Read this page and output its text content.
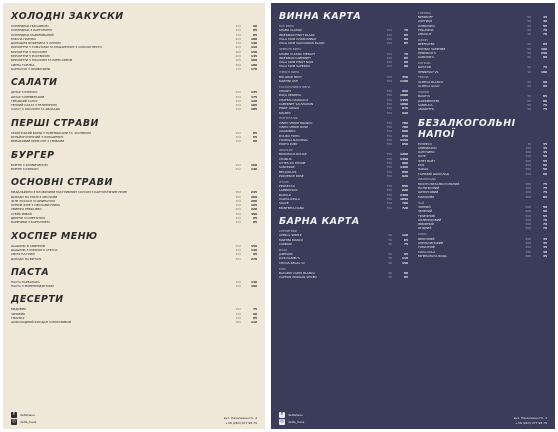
ХОЛОДНІ ЗАКУСКИ
ОСЕЛЕДЕЦЬ ПІД ШУБОЮ	200	90
ОСЕЛЕДЕЦЬ З КАРТОПЛЕЮ	250	95
ОСЕЛЕДЕЦЬ МАРИНОВАНИЙ	150	85
М'ЯСНА НАРІЗКА	200	180
ДОМАШНЯ БУЖЕНИНА З ХРІНОМ	150	140
БРУСКЕТТИ З ТОМАТАМИ ТА МОЦАРЕЛОЮ З СОУСОМ ПЕСТО	200	110
БРУСКЕТТИ З ЛОСОСЕМ	200	150
БРУСКЕТТИ З РОСТБІФОМ	200	145
БРУСКЕТТИ З ЛОСОСЕМ ТА КРЕМ-СИРОМ	200	160
СИРНА ТАРІЛКА	250	190
КАРПАЧЧО З ЯЛОВИЧИНИ	120	170
САЛАТИ
ЦЕЗАР З КУРКОЮ	250	135
ЦЕЗАР З КРЕВЕТКАМИ	250	175
ГРЕЦЬКИЙ САЛАТ	250	120
ТЕПЛИЙ САЛАТ З ТЕЛЯТИНОЮ	250	160
САЛАТ З ЛОСОСЕМ ТА АВОКАДО	220	185
ПЕРШІ СТРАВИ
УКРАЇНСЬКИЙ БОРЩ З ПАМПУШКАМИ ТА ЧАСНИКОМ	350	85
БУЛЬЙОН КУРЯЧИЙ З ЛОКШИНОЮ	300	65
ВЕРШКОВИЙ КРЕМ-СУП З ГРИБАМИ	300	90
БУРГЕР
БУРГЕР З ЯЛОВИЧИНОЮ	350	160
БУРГЕР З КУРКОЮ	350	140
ОСНОВНІ СТРАВИ
МЕДАЛЬЙОНИ З ЯЛОВИЧИНИ ПІД ГРИБНИМ СОУСОМ З КАРТОПЛЯНИМ ПЮРЕ	300	245
ДОРАДО НА ГРИЛІ З ОВОЧАМИ	350	260
ФІЛЕ ЛОСОСЯ ЗІ ШПИНАТОМ	300	290
КУРЯЧЕ ФІЛЕ З ОВОЧАМИ ГРИЛЬ	300	165
СВИНЯЧІ РЕБРА BBQ	400	220
СТЕЙК РИБАЙ	300	450
ДЕРУНИ ЗІ СМЕТАНОЮ	250	95
ВАРЕНИКИ З КАРТОПЛЕЮ	250	85
ХОСПЕР МЕНЮ
ШАШЛИК ЗІ СВИНИНИ	200	150
ШАШЛИК З КУРЯЧОГО СТЕГНА	200	130
ОВОЧІ НА ГРИЛІ	250	95
ДОРАДО НА ВУГІЛЛІ	350	270
ПАСТА
ПАСТА КАРБОНАРА	300	140
ПАСТА З МОРЕПРОДУКТАМИ	300	190
ДЕСЕРТИ
МЕДОВИК	150	75
ЧИЗКЕЙК	150	90
ТІРАМІСУ	150	95
ШОКОЛАДНИЙ ФОНДАН З МОРОЗИВОМ	180	110
f	deltahaus
◎	delta_haus
вул. Незалежності, 4
+38 (063) 077 98 79
ВИННА КАРТА
БІЛІ ВИНА
SHABO CLASSIC	150	70
INKERMAN PINOT BLANC	150	85
VILLA KRIM CHARDONNAY	150	80
VILLA KRIM SAUVIGNON BLANC	150	85
ЧЕРВОНІ ВИНА
SHABO CLASSIC MERLOT	150	70
INKERMAN CABERNET	150	85
VILLA KRIM PINOT NOIR	150	90
VILLA KRIM SAPERAVI	150	80
ІГРИСТІ ВИНА
BOLGRAD BRUT	750	450
MARTINI ASTI	750	1100
ЕКСКЛЮЗИВНІ ВИНА
CHIANTI	750	960
RIOJA RESERVA	750	1080
CHATEAU MARGAUX	750	1450
CABERNET SAUVIGNON	750	1000
PINOT GRIGIO	750	870
MALBEC	750	920
ПОРТУГАЛІЯ
VINHO VERDE BRANCO	750	780
VINHO VERDE ROSE	750	780
ALVARINHO	750	890
DOURO TINTO	750	850
TOURIGA NACIONAL	750	1150
PORTO RUBY	750	950
ФРАНЦІЯ
BORDEAUX ROUGE	750	1200
CHABLIS	750	1350
COTES DU RHONE	750	980
SANCERRE	750	1400
BEAUJOLAIS	750	850
PROVENCE ROSE	750	920
ІТАЛІЯ
PROSECCO	750	850
LAMBRUSCO	750	620
BAROLO	750	2400
VALPOLICELLA	750	1050
SOAVE	750	760
MONTEPULCIANO	750	720
БАРНА КАРТА
АПЕРИТИВИ
APEROL SPRITZ	50	120
MARTINI BIANCO	50	65
CAMPARI	50	75
ВІСКІ
JAMESON	50	95
JACK DANIEL'S	50	110
CHIVAS REGAL 12	50	150
РОМ
BACARDI CARTA BLANCA	50	80
CAPTAIN MORGAN SPICED	50	85
ГОРІЛКА
NEMIROFF	50	45
ХОРТИЦЯ	50	40
ZUBROWKA	50	55
FINLANDIA	50	70
ABSOLUT	50	70
ДЖИН
BEEFEATER	50	85
BOMBAY SAPPHIRE	50	100
HENDRICK'S	50	150
GORDON'S	50	80
КОНЬЯК
ШУСТОВ	50	75
HENNESSY VS	50	180
ТЕКІЛА
OLMECA BLANCO	50	90
OLMECA GOLD	50	95
ЛІКЕРИ
BAILEYS	50	85
JAGERMEISTER	50	90
SAMBUCA	50	75
AMARETTO	50	75
БЕЗАЛКОГОЛЬНІ НАПОЇ
ЕСПРЕСО	30	35
АМЕРИКАНО	150	35
КАПУЧИНО	200	45
ЛАТЕ	250	50
ФЛЕТ ВАЙТ	200	55
РАФ	250	60
КАКАО	250	50
ГАРЯЧИЙ ШОКОЛАД	250	60
ЛИМОНАДИ
МОХІТО БЕЗАЛКОГОЛЬНИЙ	400	75
ПОЛУНИЧНИЙ	400	75
ЦИТРУСОВИЙ	400	75
МАРАКУЙЯ	400	80
ЧАЙ
ЧОРНИЙ	500	50
ЗЕЛЕНИЙ	500	50
ТРАВ'ЯНИЙ	500	55
ОБЛЕПИХОВИЙ	500	70
ІМБИРНИЙ	500	70
ЯГІДНИЙ	500	70
СОКИ
ЯБЛУЧНИЙ	250	35
АПЕЛЬСИНОВИЙ	250	35
ТОМАТНИЙ	250	35
COCA-COLA	330	40
МІНЕРАЛЬНА ВОДА	500	35
f	deltahaus
◎	delta_haus
вул. Незалежності, 4
+38 (063) 077 98 79
